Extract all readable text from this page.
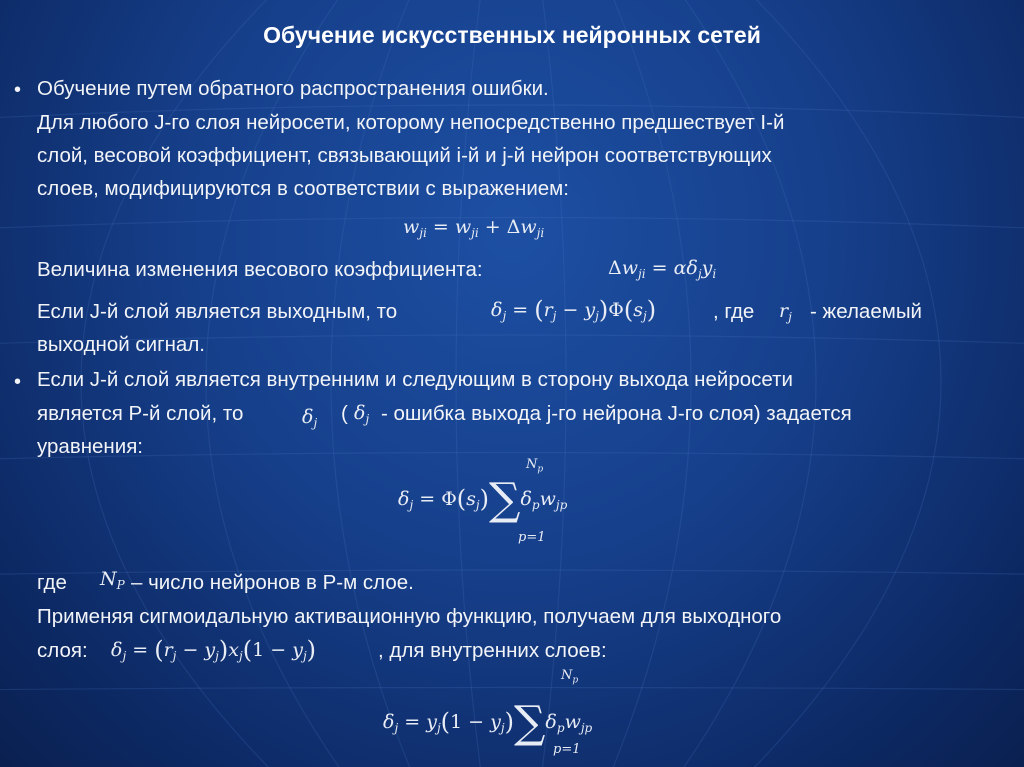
Обучение искусственных нейронных сетей
• Обучение путем обратного распространения ошибки.
Для любого J-го слоя нейросети, которому непосредственно предшествует I-й
слой, весовой коэффициент, связывающий i-й и j-й нейрон соответствующих
слоев, модифицируются в соответствии с выражением:
$w_{ji} = w_{ji} + \Delta w_{ji}$
Величина изменения весового коэффициента:	$\Delta w_{ji} = \alpha\delta_jy_i$
Если J-й слой является выходным, то	$\delta_j = (r_j - y_j)\Phi(s_j)$	, где $r_j$ - желаемый
выходной сигнал.
• Если J-й слой является внутренним и следующим в сторону выхода нейросети
является P-й слой, то	$\delta_j$ ( $\delta_j$ - ошибка выхода j-го нейрона J-го слоя) задается
уравнения:
$N_p$
$\delta_j = \Phi(s_j)\sum\delta_pw_{jp}$
p=1
где $N_P$ – число нейронов в P-м слое.
Применяя сигмоидальную активационную функцию, получаем для выходного
слоя: $\delta_j = (r_j - y_j)x_j(1 - y_j)$	, для внутренних слоев:
$N_p$
$\delta_j = y_j(1 - y_j)\sum\delta_pw_{jp}$
p=1
